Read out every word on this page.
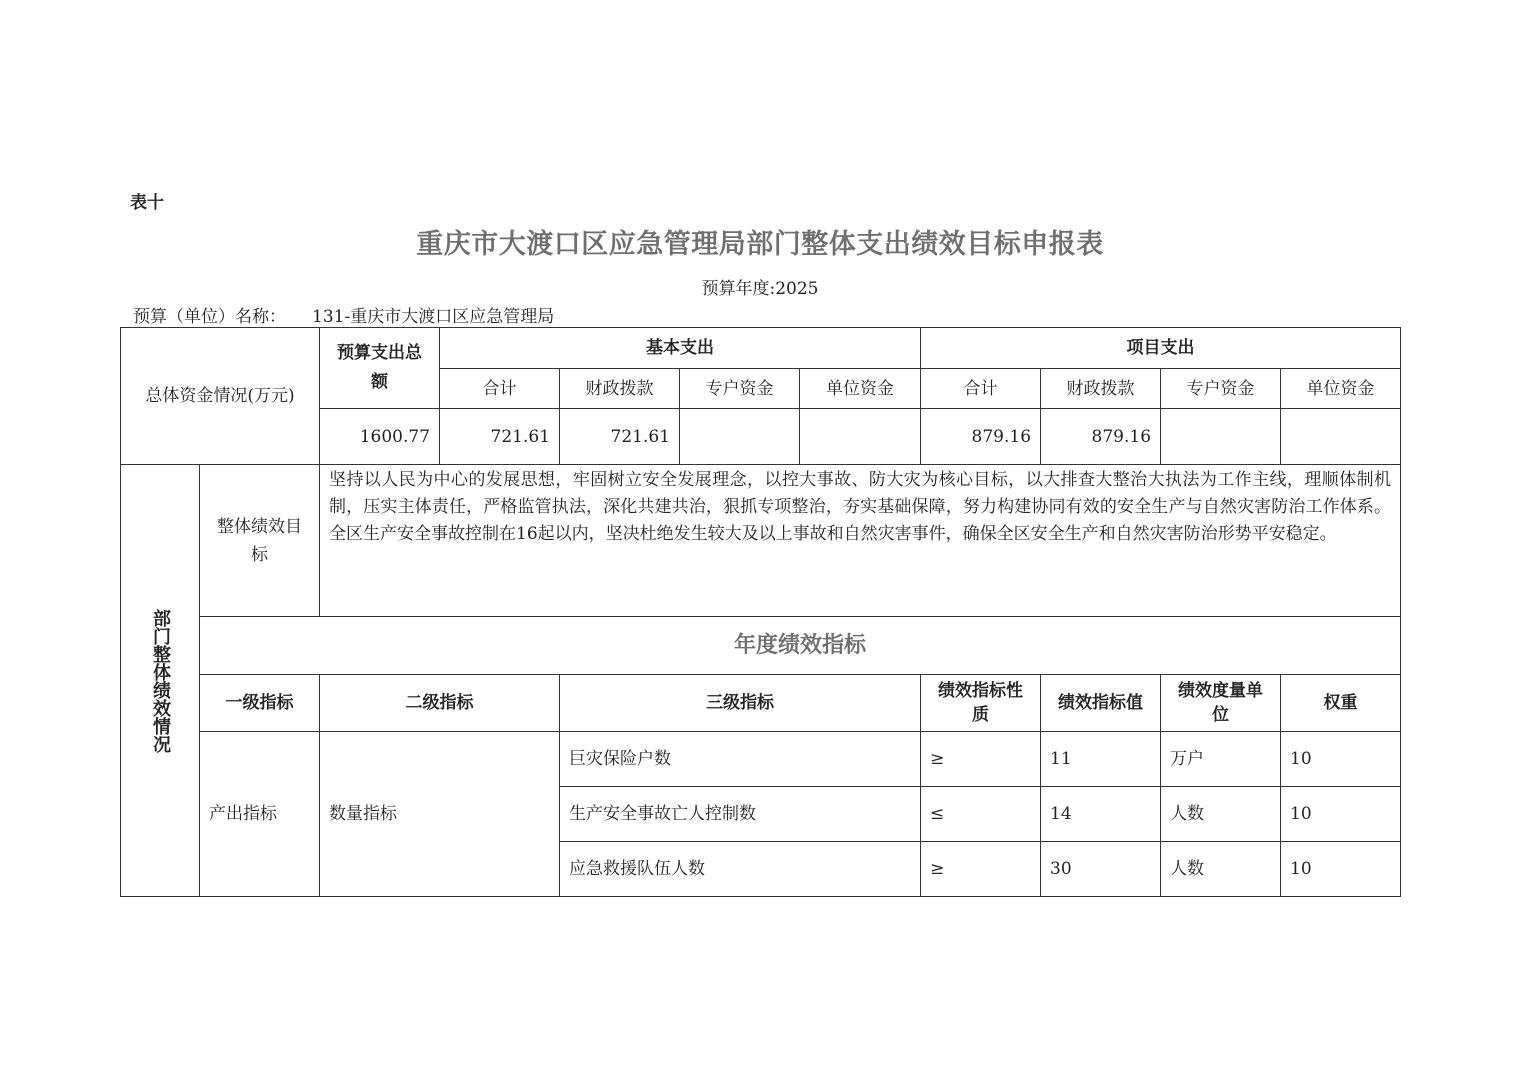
表十
重庆市大渡口区应急管理局部门整体支出绩效目标申报表
预算年度:2025
预算（单位）名称： 131-重庆市大渡口区应急管理局
总体资金情况(万元)		预算支出总额	基本支出				项目支出			
			合计	财政拨款	专户资金	单位资金	合计	财政拨款	专户资金	单位资金
		1600.77	721.61	721.61			879.16	879.16		

部门整体绩效情况	整体绩效目标	坚持以人民为中心的发展思想，牢固树立安全发展理念，以控大事故、防大灾为核心目标，以大排查大整治大执法为工作主线，理顺体制机制，压实主体责任，严格监管执法，深化共建共治，狠抓专项整治，夯实基础保障，努力构建协同有效的安全生产与自然灾害防治工作体系。全区生产安全事故控制在16起以内，坚决杜绝发生较大及以上事故和自然灾害事件，确保全区安全生产和自然灾害防治形势平安稳定。								
	年度绩效指标									
	一级指标	二级指标		三级指标			绩效指标性质	绩效指标值	绩效度量单位	权重
	产出指标	数量指标		巨灾保险户数			≥	11	万户	10
				生产安全事故亡人控制数			≤	14	人数	10
				应急救援队伍人数			≥	30	人数	10
